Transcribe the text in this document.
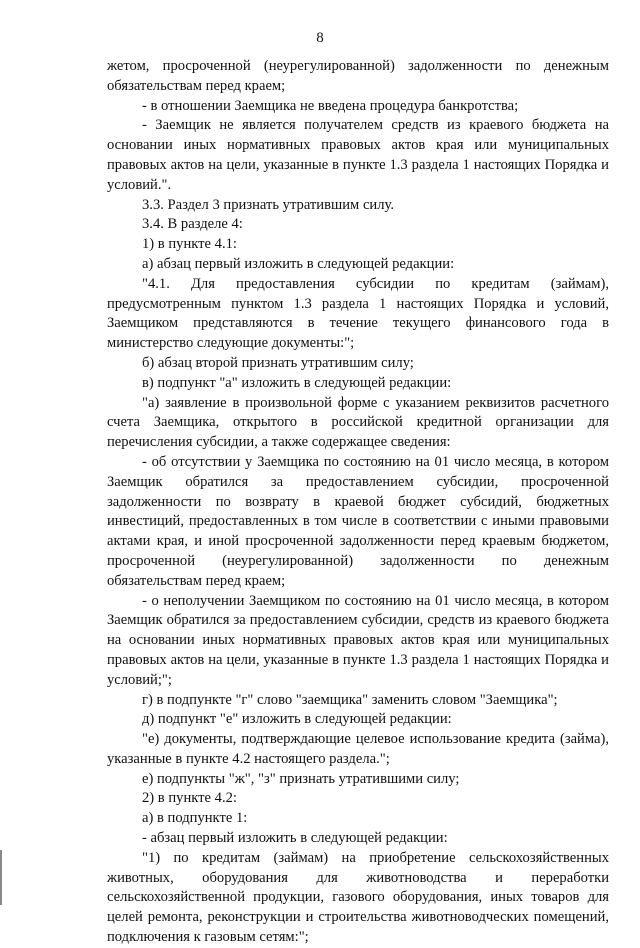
8

жетом, просроченной (неурегулированной) задолженности по денежным обязательствам перед краем;

- в отношении Заемщика не введена процедура банкротства;

- Заемщик не является получателем средств из краевого бюджета на основании иных нормативных правовых актов края или муниципальных правовых актов на цели, указанные в пункте 1.3 раздела 1 настоящих Порядка и условий.".

3.3. Раздел 3 признать утратившим силу.

3.4. В разделе 4:

1) в пункте 4.1:

а) абзац первый изложить в следующей редакции:

"4.1. Для предоставления субсидии по кредитам (займам), предусмотренным пунктом 1.3 раздела 1 настоящих Порядка и условий, Заемщиком представляются в течение текущего финансового года в министерство следующие документы:";

б) абзац второй признать утратившим силу;

в) подпункт "а" изложить в следующей редакции:

"а) заявление в произвольной форме с указанием реквизитов расчетного счета Заемщика, открытого в российской кредитной организации для перечисления субсидии, а также содержащее сведения:

- об отсутствии у Заемщика по состоянию на 01 число месяца, в котором Заемщик обратился за предоставлением субсидии, просроченной задолженности по возврату в краевой бюджет субсидий, бюджетных инвестиций, предоставленных в том числе в соответствии с иными правовыми актами края, и иной просроченной задолженности перед краевым бюджетом, просроченной (неурегулированной) задолженности по денежным обязательствам перед краем;

- о неполучении Заемщиком по состоянию на 01 число месяца, в котором Заемщик обратился за предоставлением субсидии, средств из краевого бюджета на основании иных нормативных правовых актов края или муниципальных правовых актов на цели, указанные в пункте 1.3 раздела 1 настоящих Порядка и условий;";

г) в подпункте "г" слово "заемщика" заменить словом "Заемщика";

д) подпункт "е" изложить в следующей редакции:

"е) документы, подтверждающие целевое использование кредита (займа), указанные в пункте 4.2 настоящего раздела.";

е) подпункты "ж", "з" признать утратившими силу;

2) в пункте 4.2:

а) в подпункте 1:

- абзац первый изложить в следующей редакции:

"1) по кредитам (займам) на приобретение сельскохозяйственных животных, оборудования для животноводства и переработки сельскохозяйственной продукции, газового оборудования, иных товаров для целей ремонта, реконструкции и строительства животноводческих помещений, подключения к газовым сетям:";
